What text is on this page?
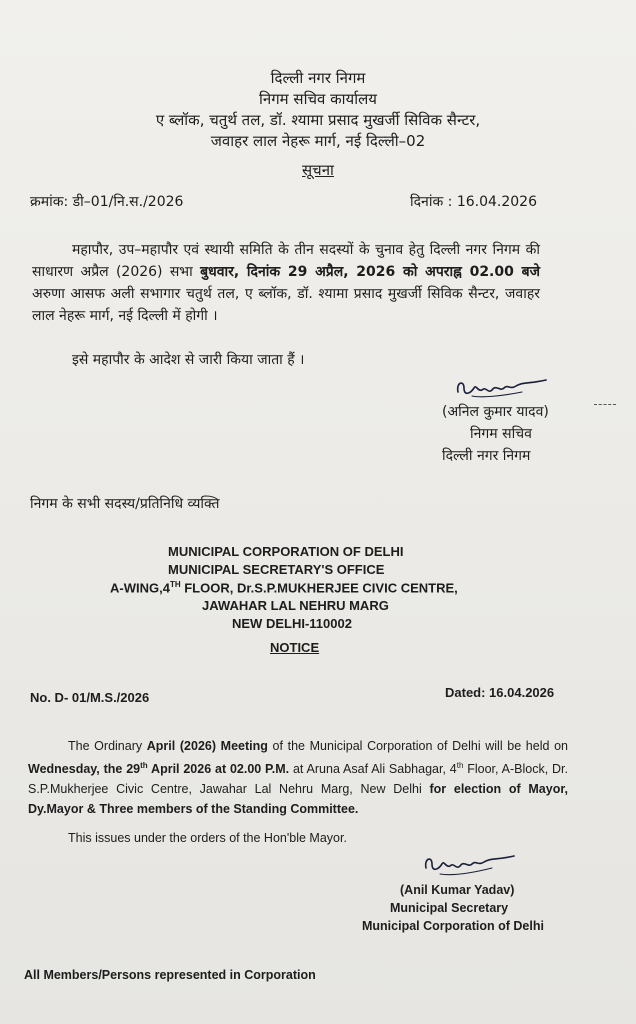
दिल्ली नगर निगम
निगम सचिव कार्यालय
ए ब्लॉक, चतुर्थ तल, डॉ. श्यामा प्रसाद मुखर्जी सिविक सैन्टर,
जवाहर लाल नेहरू मार्ग, नई दिल्ली–02
सूचना
क्रमांक: डी–01/नि.स./2026	दिनांक : 16.04.2026
महापौर, उप–महापौर एवं स्थायी समिति के तीन सदस्यों के चुनाव हेतु दिल्ली नगर निगम की साधारण अप्रैल (2026) सभा बुधवार, दिनांक 29 अप्रैल, 2026 को अपराह्न 02.00 बजे अरुणा आसफ अली सभागार चतुर्थ तल, ए ब्लॉक, डॉ. श्यामा प्रसाद मुखर्जी सिविक सैन्टर, जवाहर लाल नेहरू मार्ग, नई दिल्ली में होगी ।
इसे महापौर के आदेश से जारी किया जाता हैं ।
(अनिल कुमार यादव)
निगम सचिव
दिल्ली नगर निगम
निगम के सभी सदस्य/प्रतिनिधि व्यक्ति
MUNICIPAL CORPORATION OF DELHI
MUNICIPAL SECRETARY'S OFFICE
A-WING,4TH FLOOR, Dr.S.P.MUKHERJEE CIVIC CENTRE,
JAWAHAR LAL NEHRU MARG
NEW DELHI-110002
NOTICE
No. D- 01/M.S./2026	Dated: 16.04.2026
The Ordinary April (2026) Meeting of the Municipal Corporation of Delhi will be held on Wednesday, the 29th April 2026 at 02.00 P.M. at Aruna Asaf Ali Sabhagar, 4th Floor, A-Block, Dr. S.P.Mukherjee Civic Centre, Jawahar Lal Nehru Marg, New Delhi for election of Mayor, Dy.Mayor & Three members of the Standing Committee.
This issues under the orders of the Hon'ble Mayor.
(Anil Kumar Yadav)
Municipal Secretary
Municipal Corporation of Delhi
All Members/Persons represented in Corporation
